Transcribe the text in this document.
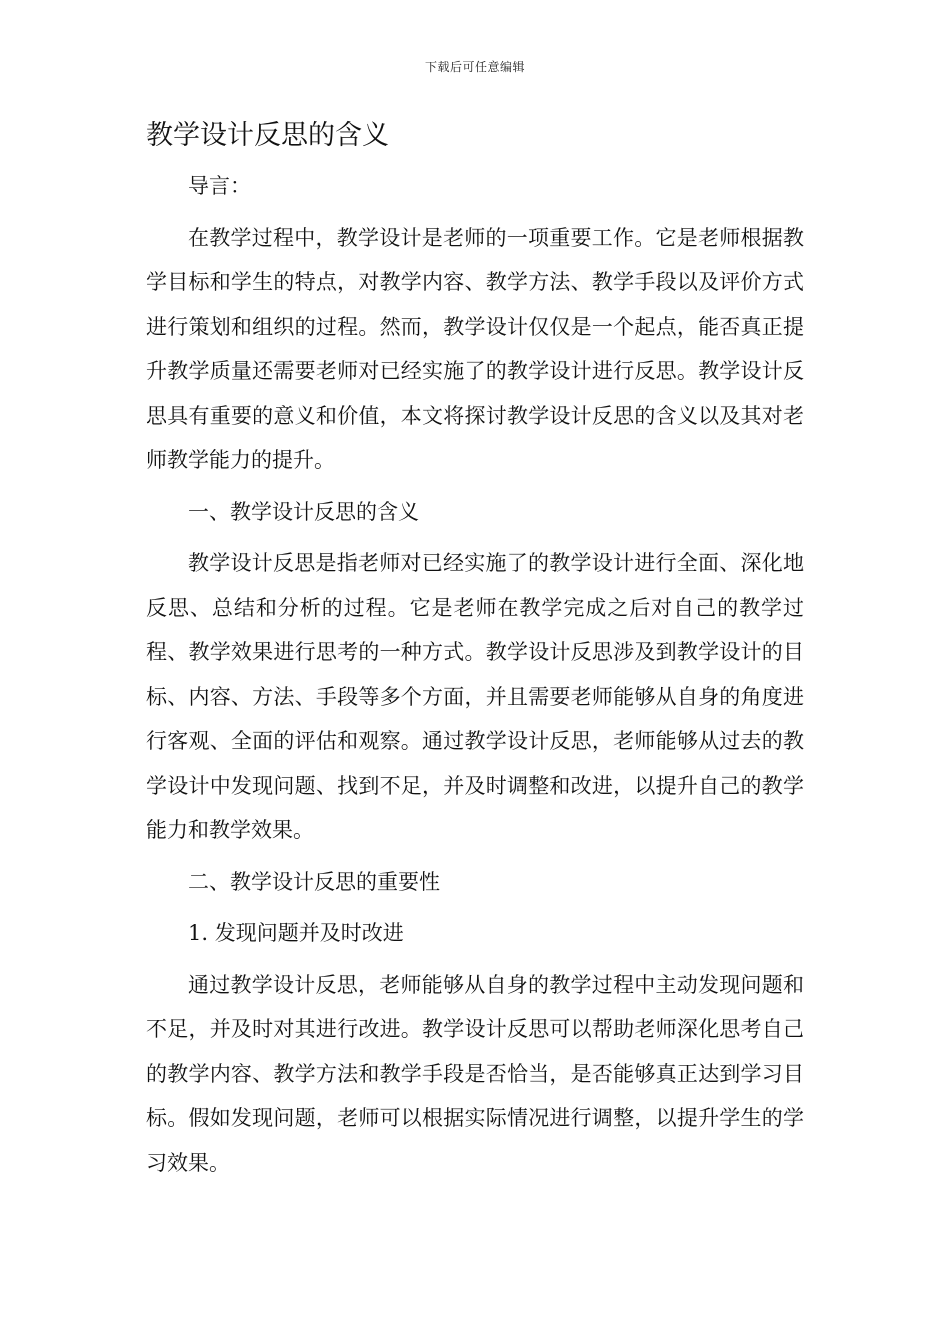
下载后可任意编辑
教学设计反思的含义

导言：

在教学过程中，教学设计是老师的一项重要工作。它是老师根据教学目标和学生的特点，对教学内容、教学方法、教学手段以及评价方式进行策划和组织的过程。然而，教学设计仅仅是一个起点，能否真正提升教学质量还需要老师对已经实施了的教学设计进行反思。教学设计反思具有重要的意义和价值，本文将探讨教学设计反思的含义以及其对老师教学能力的提升。

一、教学设计反思的含义

教学设计反思是指老师对已经实施了的教学设计进行全面、深化地反思、总结和分析的过程。它是老师在教学完成之后对自己的教学过程、教学效果进行思考的一种方式。教学设计反思涉及到教学设计的目标、内容、方法、手段等多个方面，并且需要老师能够从自身的角度进行客观、全面的评估和观察。通过教学设计反思，老师能够从过去的教学设计中发现问题、找到不足，并及时调整和改进，以提升自己的教学能力和教学效果。

二、教学设计反思的重要性

1. 发现问题并及时改进

通过教学设计反思，老师能够从自身的教学过程中主动发现问题和不足，并及时对其进行改进。教学设计反思可以帮助老师深化思考自己的教学内容、教学方法和教学手段是否恰当，是否能够真正达到学习目标。假如发现问题，老师可以根据实际情况进行调整，以提升学生的学习效果。
